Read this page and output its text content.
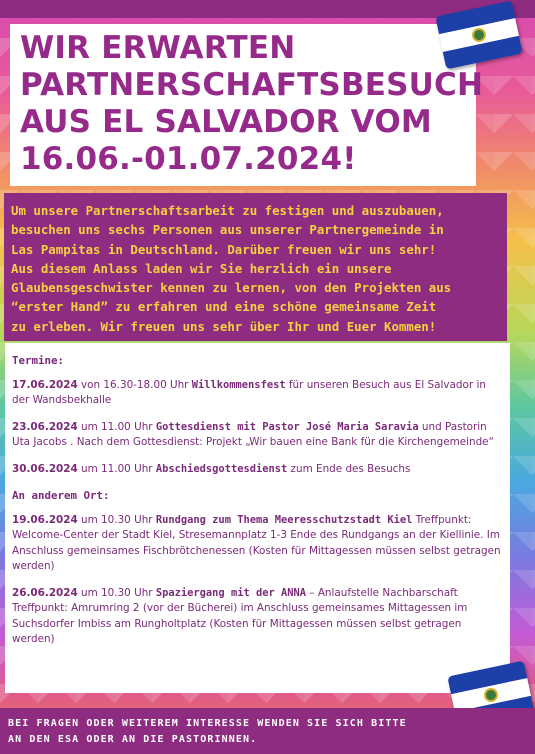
WIR ERWARTEN
PARTNERSCHAFTSBESUCH
AUS EL SALVADOR VOM
16.06.-01.07.2024!

Um unsere Partnerschaftsarbeit zu festigen und auszubauen,
besuchen uns sechs Personen aus unserer Partnergemeinde in
Las Pampitas in Deutschland. Darüber freuen wir uns sehr!
Aus diesem Anlass laden wir Sie herzlich ein unsere
Glaubensgeschwister kennen zu lernen, von den Projekten aus
“erster Hand” zu erfahren und eine schöne gemeinsame Zeit
zu erleben. Wir freuen uns sehr über Ihr und Euer Kommen!

Termine:
17.06.2024 von 16.30-18.00 Uhr Willkommensfest für unseren Besuch aus El Salvador in der Wandsbekhalle
23.06.2024 um 11.00 Uhr Gottesdienst mit Pastor José Maria Saravia und Pastorin Uta Jacobs . Nach dem Gottesdienst: Projekt „Wir bauen eine Bank für die Kirchengemeinde“
30.06.2024 um 11.00 Uhr Abschiedsgottesdienst zum Ende des Besuchs
An anderem Ort:
19.06.2024 um 10.30 Uhr Rundgang zum Thema Meeresschutzstadt Kiel Treffpunkt: Welcome-Center der Stadt Kiel, Stresemannplatz 1-3 Ende des Rundgangs an der Kiellinie. Im Anschluss gemeinsames Fischbrötchenessen (Kosten für Mittagessen müssen selbst getragen werden)
26.06.2024 um 10.30 Uhr Spaziergang mit der ANNA – Anlaufstelle Nachbarschaft Treffpunkt: Amrumring 2 (vor der Bücherei) im Anschluss gemeinsames Mittagessen im Suchsdorfer Imbiss am Rungholtplatz (Kosten für Mittagessen müssen selbst getragen werden)

BEI FRAGEN ODER WEITEREM INTERESSE WENDEN SIE SICH BITTE
AN DEN ESA ODER AN DIE PASTORINNEN.
